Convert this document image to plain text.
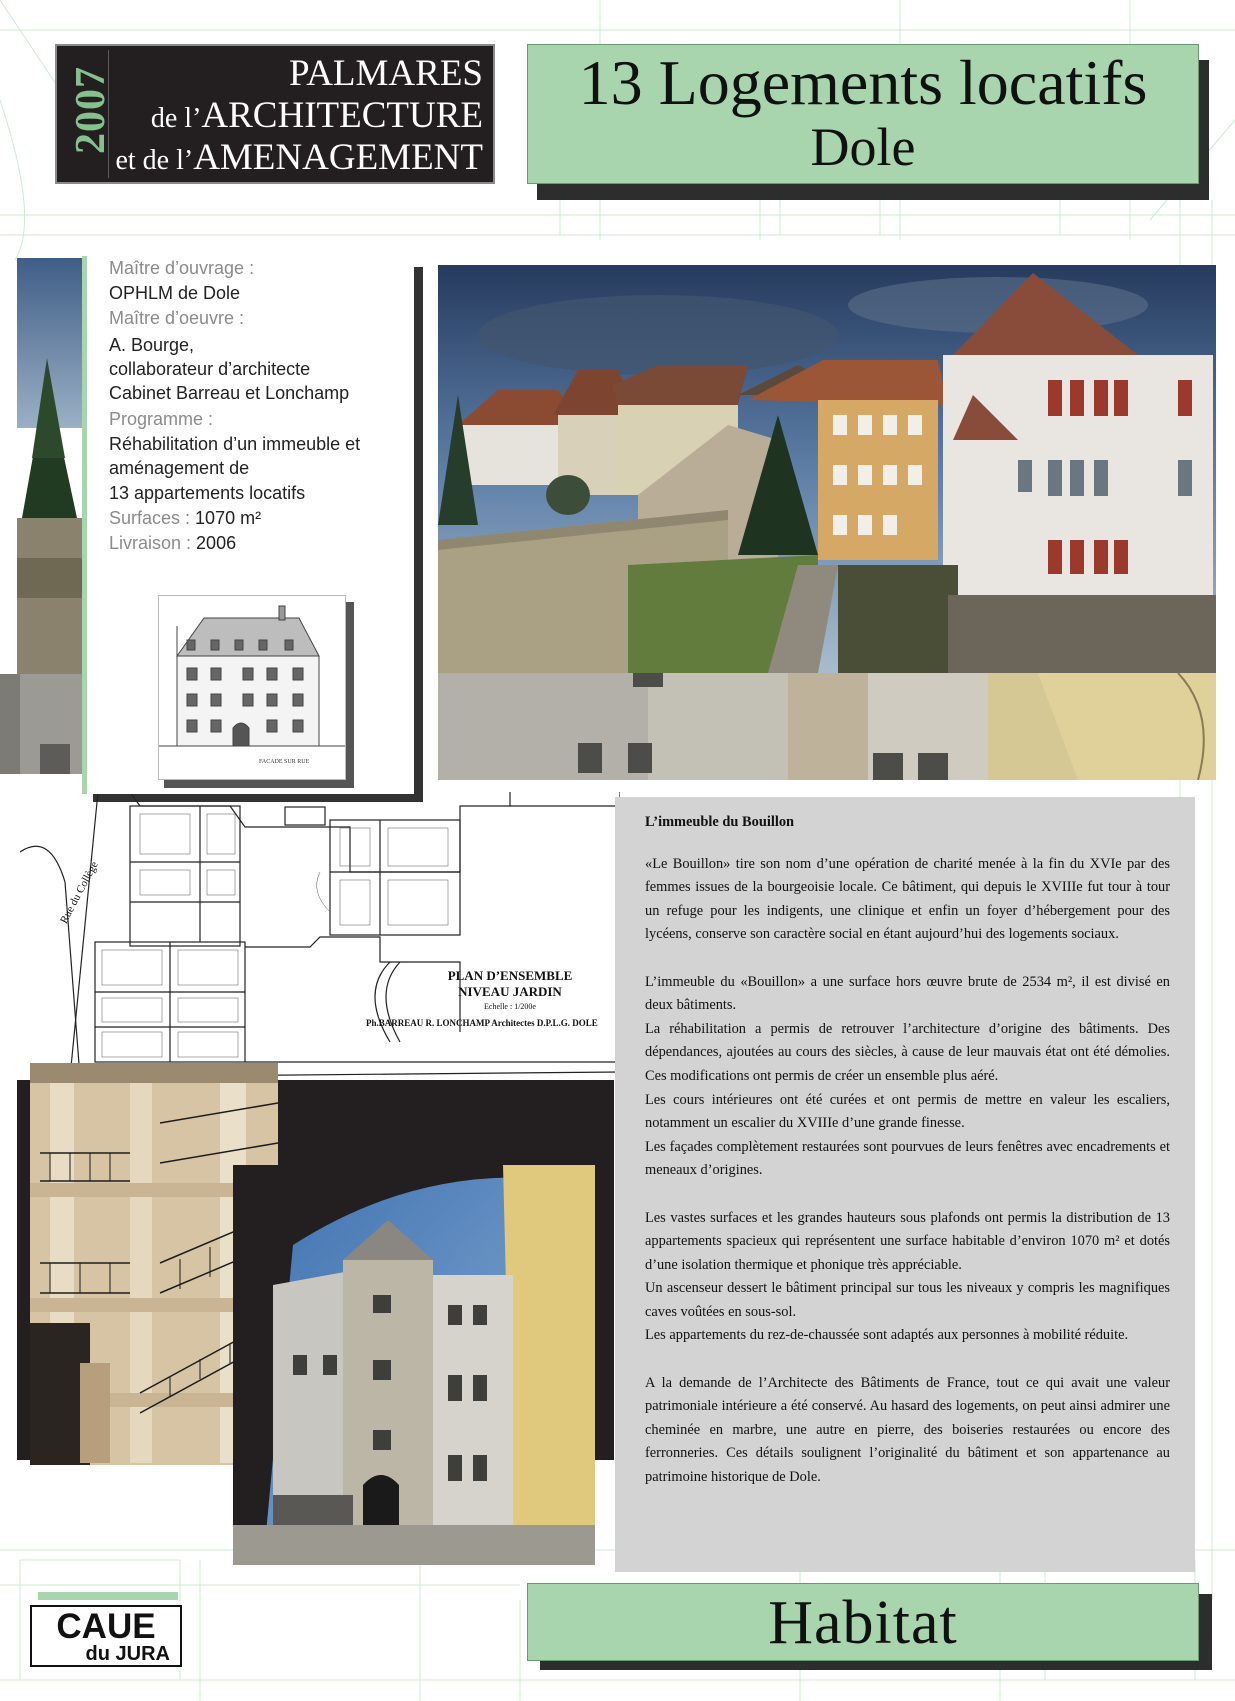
2007	PALMARES
de l’ARCHITECTURE
et de l’AMENAGEMENT
13 Logements locatifs
Dole
Maître d’ouvrage :
OPHLM de Dole
Maître d’oeuvre :
A. Bourge,
collaborateur d’architecte
Cabinet Barreau et Lonchamp
Programme :
Réhabilitation d’un immeuble et
aménagement de
13 appartements locatifs
Surfaces : 1070 m²
Livraison : 2006
FACADE SUR RUE
Rue du Collège
PLAN D’ENSEMBLE
NIVEAU JARDIN
Echelle : 1/200e
Ph.BARREAU R. LONCHAMP Architectes D.P.L.G. DOLE

L’immeuble du Bouillon

«Le Bouillon» tire son nom d’une opération de charité menée à la fin du XVIe par des femmes issues de la bourgeoisie locale. Ce bâtiment, qui depuis le XVIIIe fut tour à tour un refuge pour les indigents, une clinique et enfin un foyer d’hébergement pour des lycéens, conserve son caractère social en étant aujourd’hui des logements sociaux.

L’immeuble du «Bouillon» a une surface hors œuvre brute de 2534 m², il est divisé en deux bâtiments.

La réhabilitation a permis de retrouver l’architecture d’origine des bâtiments. Des dépendances, ajoutées au cours des siècles, à cause de leur mauvais état ont été démolies. Ces modifications ont permis de créer un ensemble plus aéré.

Les cours intérieures ont été curées et ont permis de mettre en valeur les escaliers, notamment un escalier du XVIIIe d’une grande finesse.

Les façades complètement restaurées sont pourvues de leurs fenêtres avec encadrements et meneaux d’origines.

Les vastes surfaces et les grandes hauteurs sous plafonds ont permis la distribution de 13 appartements spacieux qui représentent une surface habitable d’environ 1070 m² et dotés d’une isolation thermique et phonique très appréciable.

Un ascenseur dessert le bâtiment principal sur tous les niveaux y compris les magnifiques caves voûtées en sous-sol.

Les appartements du rez-de-chaussée sont adaptés aux personnes à mobilité réduite.

A la demande de l’Architecte des Bâtiments de France, tout ce qui avait une valeur patrimoniale intérieure a été conservé. Au hasard des logements, on peut ainsi admirer une cheminée en marbre, une autre en pierre, des boiseries restaurées ou encore des ferronneries. Ces détails soulignent l’originalité du bâtiment et son appartenance au patrimoine historique de Dole.

Habitat
CAUE
du JURA
